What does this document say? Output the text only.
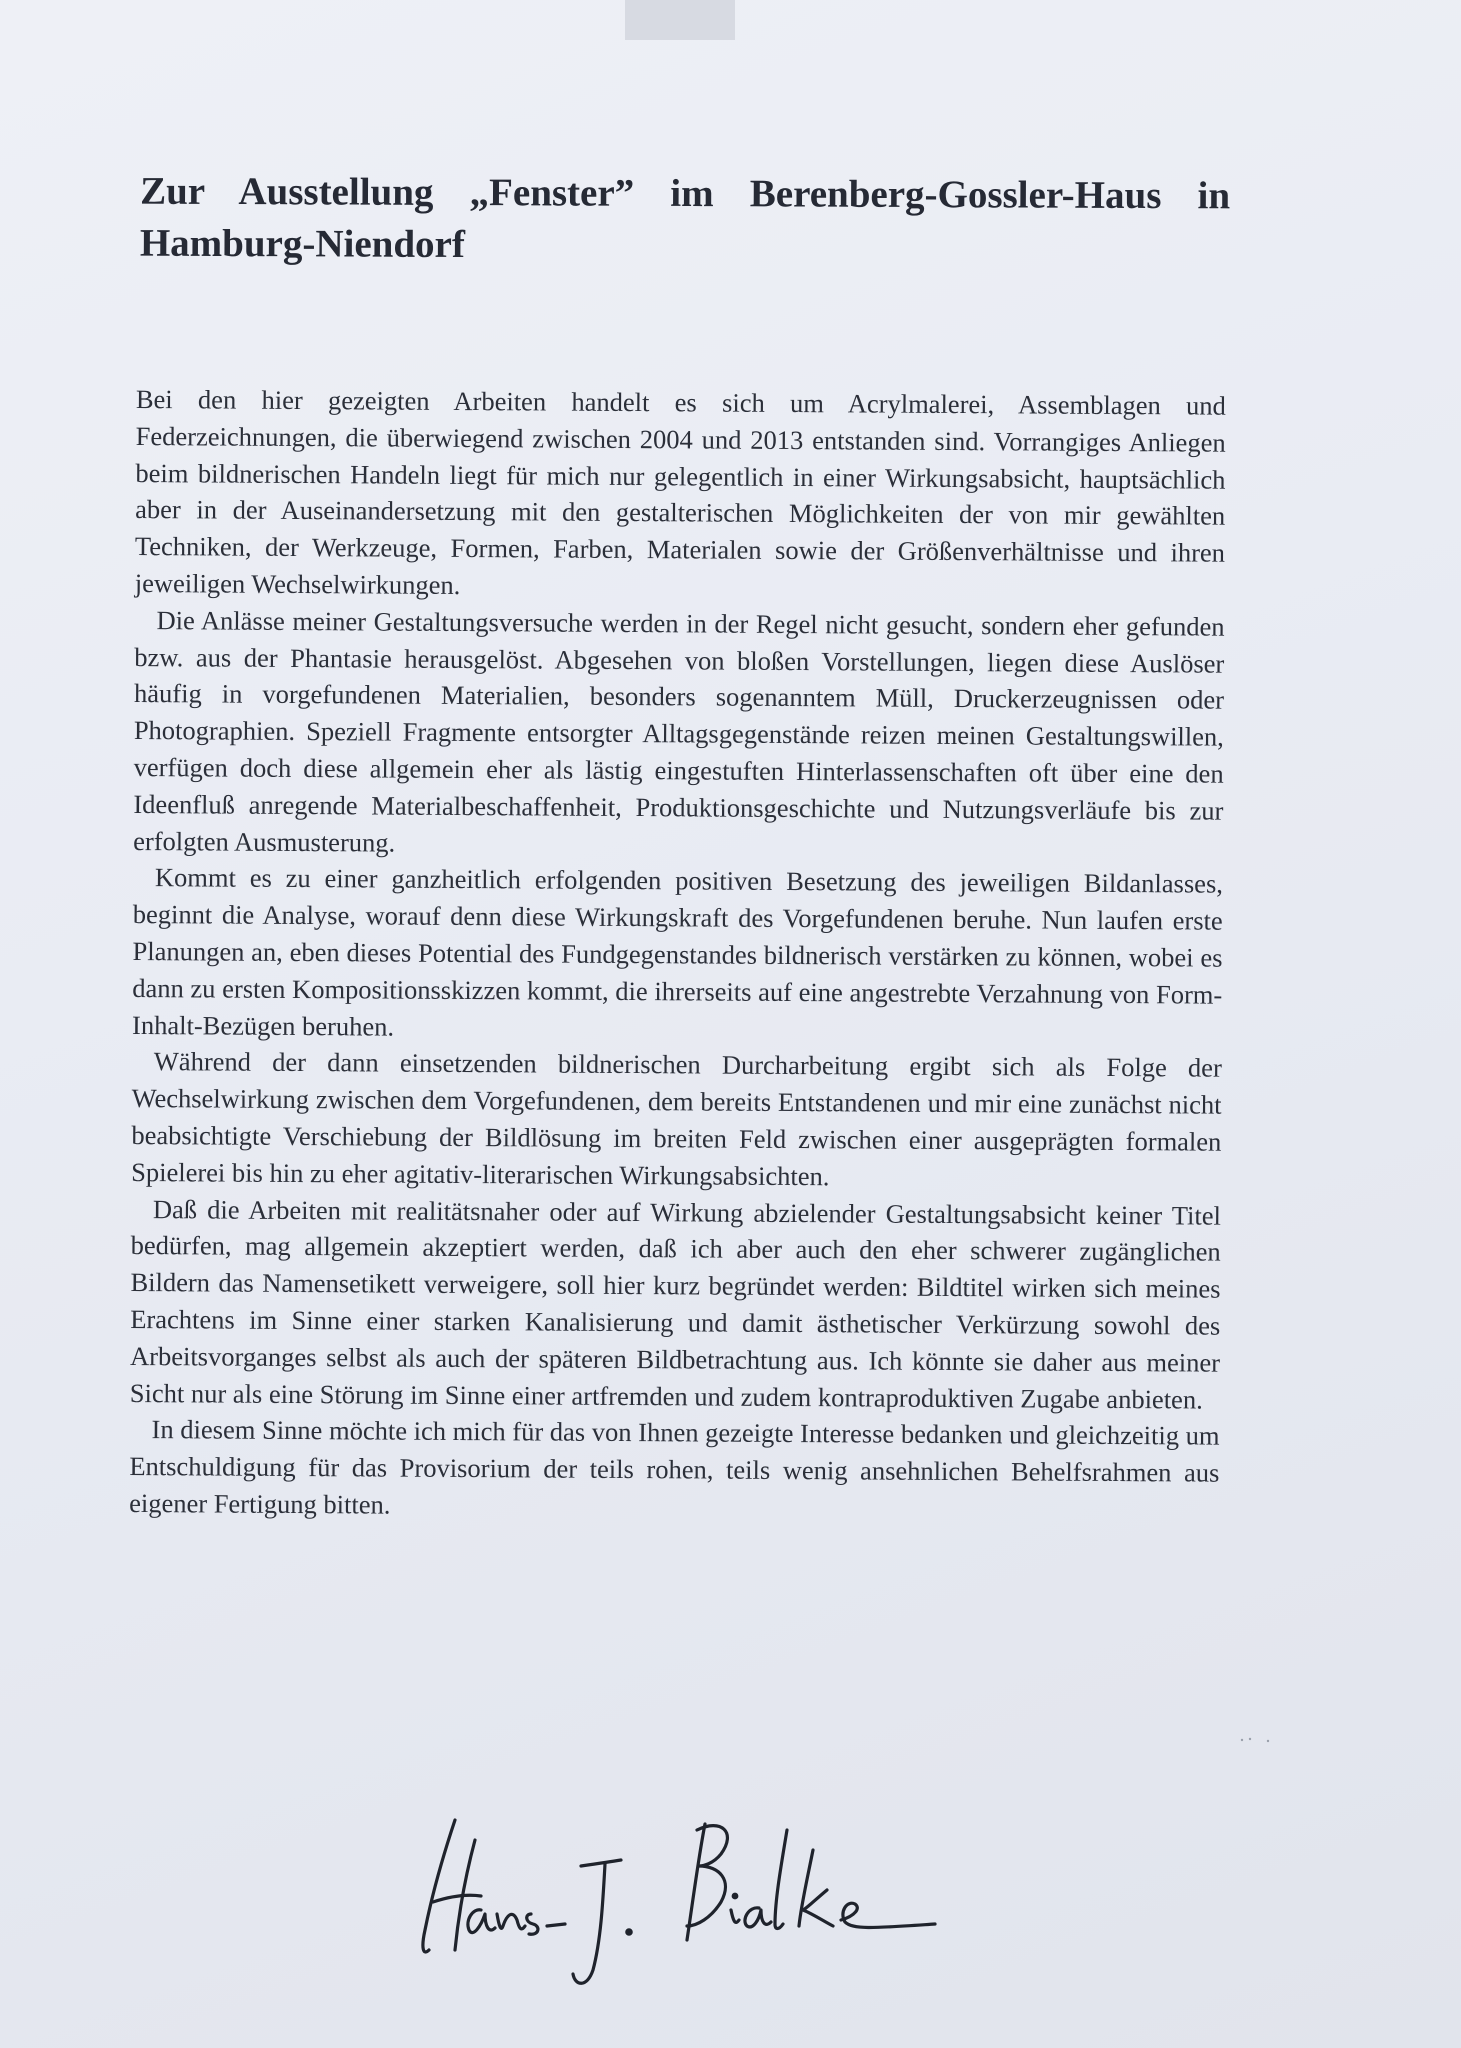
Zur Ausstellung „Fenster” im Berenberg-Gossler-Haus in Hamburg-Niendorf

Bei den hier gezeigten Arbeiten handelt es sich um Acrylmalerei, Assemblagen und Federzeichnungen, die überwiegend zwischen 2004 und 2013 entstanden sind. Vorrangiges Anliegen beim bildnerischen Handeln liegt für mich nur gelegentlich in einer Wirkungsabsicht, hauptsächlich aber in der Auseinandersetzung mit den gestalterischen Möglichkeiten der von mir gewählten Techniken, der Werkzeuge, Formen, Farben, Materialen sowie der Größenverhältnisse und ihren jeweiligen Wechselwirkungen.

Die Anlässe meiner Gestaltungsversuche werden in der Regel nicht gesucht, sondern eher gefunden bzw. aus der Phantasie herausgelöst. Abgesehen von bloßen Vorstellungen, liegen diese Auslöser häufig in vorgefundenen Materialien, besonders sogenanntem Müll, Druckerzeugnissen oder Photographien. Speziell Fragmente entsorgter Alltagsgegenstände reizen meinen Gestaltungswillen, verfügen doch diese allgemein eher als lästig eingestuften Hinterlassenschaften oft über eine den Ideenfluß anregende Materialbeschaffenheit, Produktionsgeschichte und Nutzungsverläufe bis zur erfolgten Ausmusterung.

Kommt es zu einer ganzheitlich erfolgenden positiven Besetzung des jeweiligen Bildanlasses, beginnt die Analyse, worauf denn diese Wirkungskraft des Vorgefundenen beruhe. Nun laufen erste Planungen an, eben dieses Potential des Fundgegenstandes bildnerisch verstärken zu können, wobei es dann zu ersten Kompositionsskizzen kommt, die ihrerseits auf eine angestrebte Verzahnung von Form-Inhalt-Bezügen beruhen.

Während der dann einsetzenden bildnerischen Durcharbeitung ergibt sich als Folge der Wechselwirkung zwischen dem Vorgefundenen, dem bereits Entstandenen und mir eine zunächst nicht beabsichtigte Verschiebung der Bildlösung im breiten Feld zwischen einer ausgeprägten formalen Spielerei bis hin zu eher agitativ-literarischen Wirkungsabsichten.

Daß die Arbeiten mit realitätsnaher oder auf Wirkung abzielender Gestaltungsabsicht keiner Titel bedürfen, mag allgemein akzeptiert werden, daß ich aber auch den eher schwerer zugänglichen Bildern das Namensetikett verweigere, soll hier kurz begründet werden: Bildtitel wirken sich meines Erachtens im Sinne einer starken Kanalisierung und damit ästhetischer Verkürzung sowohl des Arbeitsvorganges selbst als auch der späteren Bildbetrachtung aus. Ich könnte sie daher aus meiner Sicht nur als eine Störung im Sinne einer artfremden und zudem kontraproduktiven Zugabe anbieten.

In diesem Sinne möchte ich mich für das von Ihnen gezeigte Interesse bedanken und gleichzeitig um Entschuldigung für das Provisorium der teils rohen, teils wenig ansehnlichen Behelfsrahmen aus eigener Fertigung bitten.
